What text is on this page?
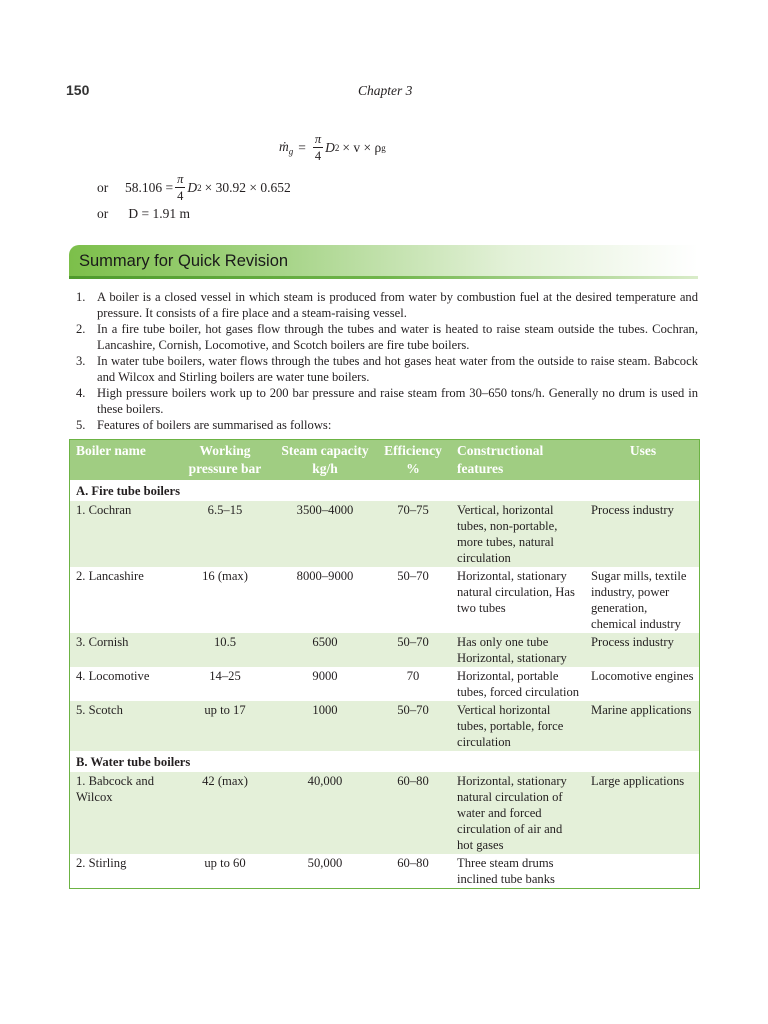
150	Chapter 3
ṁ$_g$ = $\frac{\pi}{4}$ D 2 × v × ρ g
or	$58.106 = \frac{\pi}{4}$ D 2 × 30.92 × 0.652
or D = 1.91 m
Summary for Quick Revision
1. A boiler is a closed vessel in which steam is produced from water by combustion fuel at the desired temperature and pressure. It consists of a fire place and a steam-raising vessel.
2. In a fire tube boiler, hot gases flow through the tubes and water is heated to raise steam outside the tubes. Cochran, Lancashire, Cornish, Locomotive, and Scotch boilers are fire tube boilers.
3. In water tube boilers, water flows through the tubes and hot gases heat water from the outside to raise steam. Babcock and Wilcox and Stirling boilers are water tune boilers.
4. High pressure boilers work up to 200 bar pressure and raise steam from 30–650 tons/h. Generally no drum is used in these boilers.
5. Features of boilers are summarised as follows:
Boiler name	Working pressure bar	Steam capacity kg/h	Efficiency %	Constructional features	Uses
A. Fire tube boilers					
1. Cochran	6.5–15	3500–4000	70–75	Vertical, horizontal tubes, non-portable, more tubes, natural circulation	Process industry
2. Lancashire	16 (max)	8000–9000	50–70	Horizontal, stationary natural circulation, Has two tubes	Sugar mills, textile industry, power generation, chemical industry
3. Cornish	10.5	6500	50–70	Has only one tube Horizontal, stationary	Process industry
4. Locomotive	14–25	9000	70	Horizontal, portable tubes, forced circulation	Locomotive engines
5. Scotch	up to 17	1000	50–70	Vertical horizontal tubes, portable, force circulation	Marine applications
B. Water tube boilers					
1. Babcock and Wilcox	42 (max)	40,000	60–80	Horizontal, stationary natural circulation of water and forced circulation of air and hot gases	Large applications
2. Stirling	up to 60	50,000	60–80	Three steam drums inclined tube banks	
